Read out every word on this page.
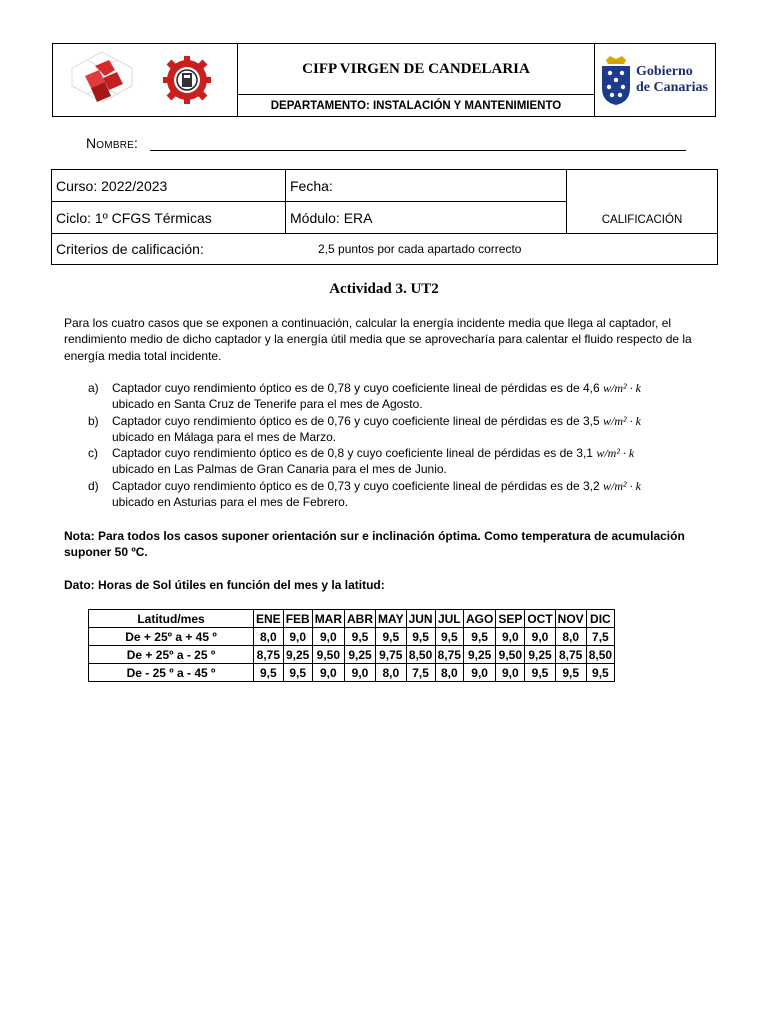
CIFP VIRGEN DE CANDELARIA
DEPARTAMENTO: INSTALACIÓN Y MANTENIMIENTO
Gobierno
de Canarias
Nombre:
Curso: 2022/2023	Fecha:
Ciclo: 1º CFGS Térmicas	Módulo: ERA	CALIFICACIÓN
Criterios de calificación:	2,5 puntos por cada apartado correcto
Actividad 3. UT2
Para los cuatro casos que se exponen a continuación, calcular la energía incidente media que llega al captador, el rendimiento medio de dicho captador y la energía útil media que se aprovecharía para calentar el fluido respecto de la energía media total incidente.
a)	Captador cuyo rendimiento óptico es de 0,78 y cuyo coeficiente lineal de pérdidas es de 4,6 w/m² · k
ubicado en Santa Cruz de Tenerife para el mes de Agosto.
b)	Captador cuyo rendimiento óptico es de 0,76 y cuyo coeficiente lineal de pérdidas es de 3,5 w/m² · k
ubicado en Málaga para el mes de Marzo.
c)	Captador cuyo rendimiento óptico es de 0,8 y cuyo coeficiente lineal de pérdidas es de 3,1 w/m² · k
ubicado en Las Palmas de Gran Canaria para el mes de Junio.
d)	Captador cuyo rendimiento óptico es de 0,73 y cuyo coeficiente lineal de pérdidas es de 3,2 w/m² · k
ubicado en Asturias para el mes de Febrero.
Nota: Para todos los casos suponer orientación sur e inclinación óptima. Como temperatura de acumulación suponer 50 ºC.
Dato: Horas de Sol útiles en función del mes y la latitud:
Latitud/mes	ENE	FEB	MAR	ABR	MAY	JUN	JUL	AGO	SEP	OCT	NOV	DIC
De + 25º a + 45 º	8,0	9,0	9,0	9,5	9,5	9,5	9,5	9,5	9,0	9,0	8,0	7,5
De + 25º a - 25 º	8,75	9,25	9,50	9,25	9,75	8,50	8,75	9,25	9,50	9,25	8,75	8,50
De - 25 º a - 45 º	9,5	9,5	9,0	9,0	8,0	7,5	8,0	9,0	9,0	9,5	9,5	9,5
